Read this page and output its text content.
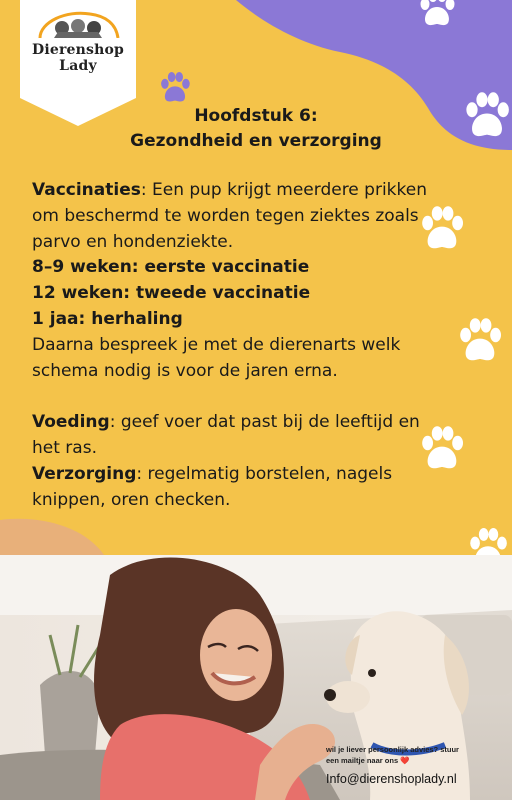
Dierenshop Lady
Hoofdstuk 6:
Gezondheid en verzorging
Vaccinaties: Een pup krijgt meerdere prikken
om beschermd te worden tegen ziektes zoals
parvo en hondenziekte.
8–9 weken: eerste vaccinatie
12 weken: tweede vaccinatie
1 jaa: herhaling
Daarna bespreek je met de dierenarts welk
schema nodig is voor de jaren erna.
Voeding: geef voer dat past bij de leeftijd en
het ras.
Verzorging: regelmatig borstelen, nagels
knippen, oren checken.
wil je liever persoonlijk advies? stuur
een mailtje naar ons ❤️
Info@dierenshoplady.nl
